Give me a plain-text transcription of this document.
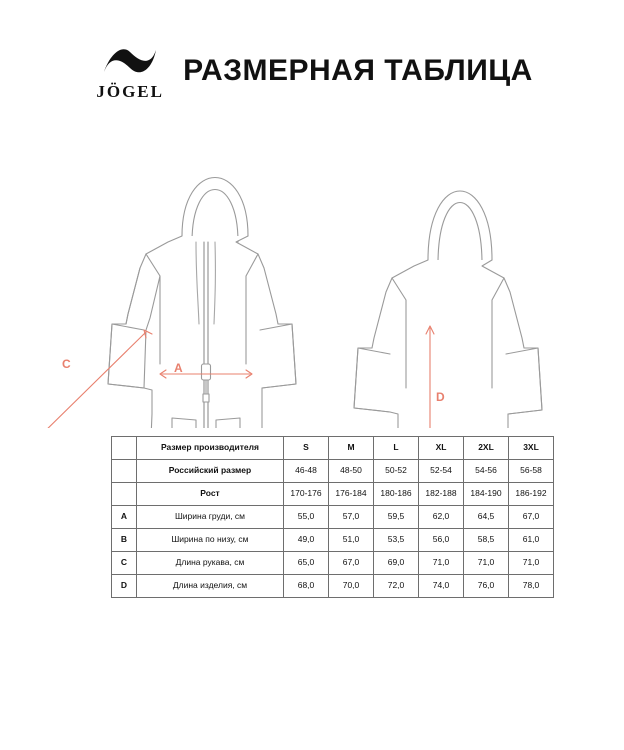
JÖGEL
РАЗМЕРНАЯ ТАБЛИЦА
A
C
D
	Размер производителя	S	M	L	XL	2XL	3XL
	Российский размер	46-48	48-50	50-52	52-54	54-56	56-58
	Рост	170-176	176-184	180-186	182-188	184-190	186-192
A	Ширина груди, см	55,0	57,0	59,5	62,0	64,5	67,0
B	Ширина по низу, см	49,0	51,0	53,5	56,0	58,5	61,0
C	Длина рукава, см	65,0	67,0	69,0	71,0	71,0	71,0
D	Длина изделия, см	68,0	70,0	72,0	74,0	76,0	78,0
